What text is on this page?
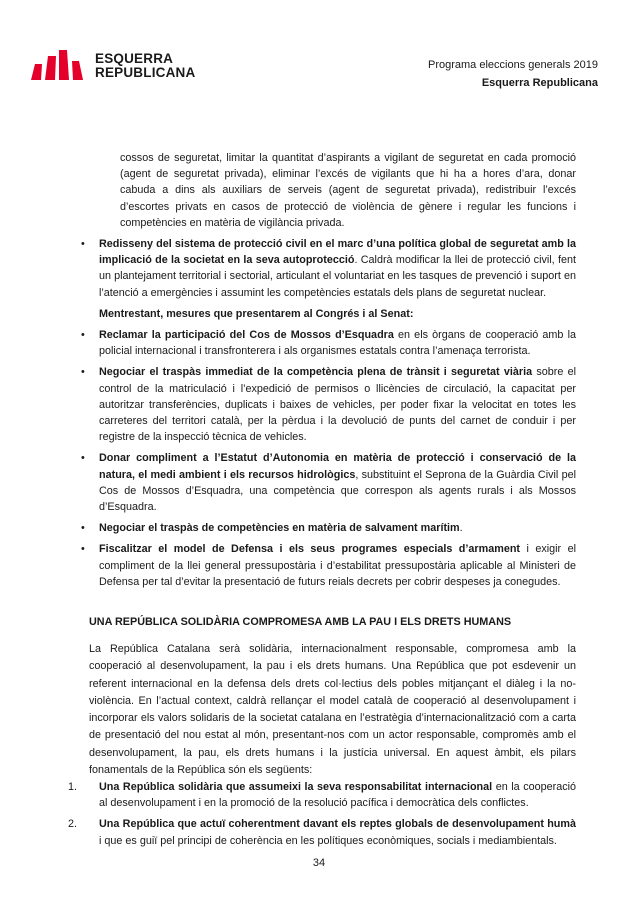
ESQUERRA
REPUBLICANA	Programa eleccions generals 2019
Esquerra Republicana

cossos de seguretat, limitar la quantitat d’aspirants a vigilant de seguretat en cada promoció (agent de seguretat privada), eliminar l’excés de vigilants que hi ha a hores d’ara, donar cabuda a dins als auxiliars de serveis (agent de seguretat privada), redistribuir l’excés d’escortes privats en casos de protecció de violència de gènere i regular les funcions i competències en matèria de vigilància privada.

• Redisseny del sistema de protecció civil en el marc d’una política global de seguretat amb la implicació de la societat en la seva autoprotecció. Caldrà modificar la llei de protecció civil, fent un plantejament territorial i sectorial, articulant el voluntariat en les tasques de prevenció i suport en l’atenció a emergències i assumint les competències estatals dels plans de seguretat nuclear.

Mentrestant, mesures que presentarem al Congrés i al Senat:

• Reclamar la participació del Cos de Mossos d’Esquadra en els òrgans de cooperació amb la policial internacional i transfronterera i als organismes estatals contra l’amenaça terrorista.
• Negociar el traspàs immediat de la competència plena de trànsit i seguretat viària sobre el control de la matriculació i l’expedició de permisos o llicències de circulació, la capacitat per autoritzar transferències, duplicats i baixes de vehicles, per poder fixar la velocitat en totes les carreteres del territori català, per la pèrdua i la devolució de punts del carnet de conduir i per registre de la inspecció tècnica de vehicles.
• Donar compliment a l’Estatut d’Autonomia en matèria de protecció i conservació de la natura, el medi ambient i els recursos hidrològics, substituint el Seprona de la Guàrdia Civil pel Cos de Mossos d’Esquadra, una competència que correspon als agents rurals i als Mossos d’Esquadra.
• Negociar el traspàs de competències en matèria de salvament marítim.
• Fiscalitzar el model de Defensa i els seus programes especials d’armament i exigir el compliment de la llei general pressupostària i d’estabilitat pressupostària aplicable al Ministeri de Defensa per tal d’evitar la presentació de futurs reials decrets per cobrir despeses ja conegudes.

UNA REPÚBLICA SOLIDÀRIA COMPROMESA AMB LA PAU I ELS DRETS HUMANS

La República Catalana serà solidària, internacionalment responsable, compromesa amb la cooperació al desenvolupament, la pau i els drets humans. Una República que pot esdevenir un referent internacional en la defensa dels drets col·lectius dels pobles mitjançant el diàleg i la no-violència. En l’actual context, caldrà rellançar el model català de cooperació al desenvolupament i incorporar els valors solidaris de la societat catalana en l’estratègia d’internacionalització com a carta de presentació del nou estat al món, presentant-nos com un actor responsable, compromès amb el desenvolupament, la pau, els drets humans i la justícia universal. En aquest àmbit, els pilars fonamentals de la República són els següents:

1. Una República solidària que assumeixi la seva responsabilitat internacional en la cooperació al desenvolupament i en la promoció de la resolució pacífica i democràtica dels conflictes.
2. Una República que actuï coherentment davant els reptes globals de desenvolupament humà i que es guiï pel principi de coherència en les polítiques econòmiques, socials i mediambientals.
34
